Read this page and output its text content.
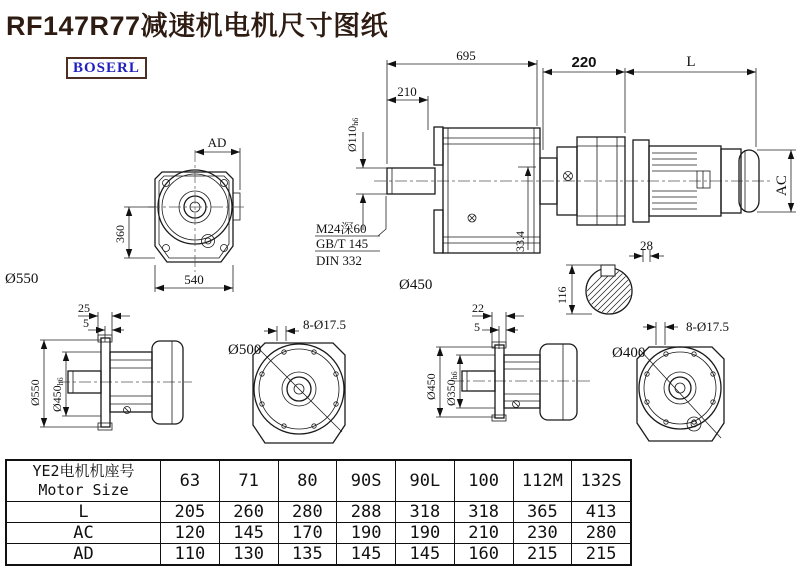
RF147R77减速机电机尺寸图纸
BOSERL
AD
360
540
Ø550
695
210
Ø110h6
33.4
M24深60
GB/T 145
DIN 332
Ø450
220	L
AC
116
28
25
5
Ø550 Ø450h6
Ø500
8-Ø17.5
22
5
Ø450 Ø350h6
Ø400
8-Ø17.5
YE2电机机座号
Motor Size	63	71	80	90S	90L	100	112M	132S
L	205	260	280	288	318	318	365	413
AC	120	145	170	190	190	210	230	280
AD	110	130	135	145	145	160	215	215
